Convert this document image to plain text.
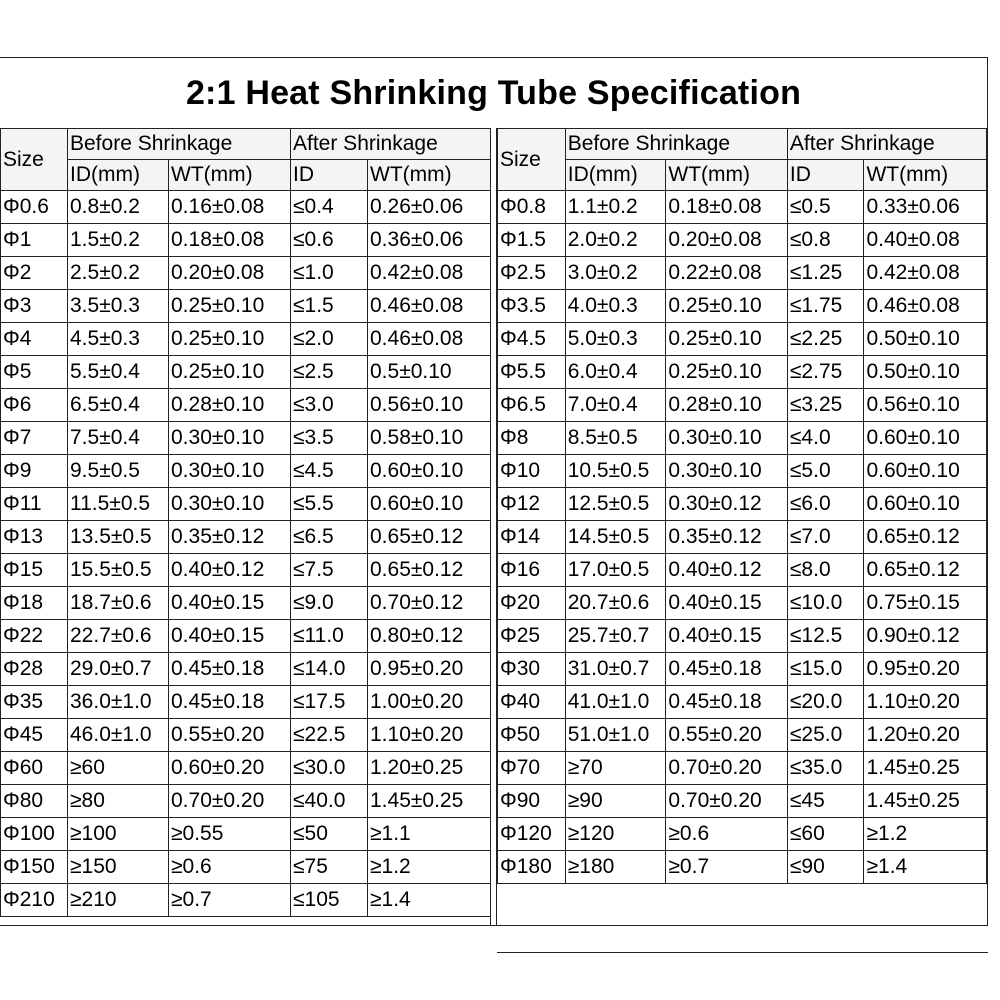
2:1 Heat Shrinking Tube Specification
Size	Before Shrinkage		After Shrinkage	
	ID(mm)	WT(mm)	ID	WT(mm)
Φ0.6	0.8±0.2	0.16±0.08	≤0.4	0.26±0.06
Φ1	1.5±0.2	0.18±0.08	≤0.6	0.36±0.06
Φ2	2.5±0.2	0.20±0.08	≤1.0	0.42±0.08
Φ3	3.5±0.3	0.25±0.10	≤1.5	0.46±0.08
Φ4	4.5±0.3	0.25±0.10	≤2.0	0.46±0.08
Φ5	5.5±0.4	0.25±0.10	≤2.5	0.5±0.10
Φ6	6.5±0.4	0.28±0.10	≤3.0	0.56±0.10
Φ7	7.5±0.4	0.30±0.10	≤3.5	0.58±0.10
Φ9	9.5±0.5	0.30±0.10	≤4.5	0.60±0.10
Φ11	11.5±0.5	0.30±0.10	≤5.5	0.60±0.10
Φ13	13.5±0.5	0.35±0.12	≤6.5	0.65±0.12
Φ15	15.5±0.5	0.40±0.12	≤7.5	0.65±0.12
Φ18	18.7±0.6	0.40±0.15	≤9.0	0.70±0.12
Φ22	22.7±0.6	0.40±0.15	≤11.0	0.80±0.12
Φ28	29.0±0.7	0.45±0.18	≤14.0	0.95±0.20
Φ35	36.0±1.0	0.45±0.18	≤17.5	1.00±0.20
Φ45	46.0±1.0	0.55±0.20	≤22.5	1.10±0.20
Φ60	≥60	0.60±0.20	≤30.0	1.20±0.25
Φ80	≥80	0.70±0.20	≤40.0	1.45±0.25
Φ100	≥100	≥0.55	≤50	≥1.1
Φ150	≥150	≥0.6	≤75	≥1.2
Φ210	≥210	≥0.7	≤105	≥1.4
Size	Before Shrinkage		After Shrinkage	
	ID(mm)	WT(mm)	ID	WT(mm)
Φ0.8	1.1±0.2	0.18±0.08	≤0.5	0.33±0.06
Φ1.5	2.0±0.2	0.20±0.08	≤0.8	0.40±0.08
Φ2.5	3.0±0.2	0.22±0.08	≤1.25	0.42±0.08
Φ3.5	4.0±0.3	0.25±0.10	≤1.75	0.46±0.08
Φ4.5	5.0±0.3	0.25±0.10	≤2.25	0.50±0.10
Φ5.5	6.0±0.4	0.25±0.10	≤2.75	0.50±0.10
Φ6.5	7.0±0.4	0.28±0.10	≤3.25	0.56±0.10
Φ8	8.5±0.5	0.30±0.10	≤4.0	0.60±0.10
Φ10	10.5±0.5	0.30±0.10	≤5.0	0.60±0.10
Φ12	12.5±0.5	0.30±0.12	≤6.0	0.60±0.10
Φ14	14.5±0.5	0.35±0.12	≤7.0	0.65±0.12
Φ16	17.0±0.5	0.40±0.12	≤8.0	0.65±0.12
Φ20	20.7±0.6	0.40±0.15	≤10.0	0.75±0.15
Φ25	25.7±0.7	0.40±0.15	≤12.5	0.90±0.12
Φ30	31.0±0.7	0.45±0.18	≤15.0	0.95±0.20
Φ40	41.0±1.0	0.45±0.18	≤20.0	1.10±0.20
Φ50	51.0±1.0	0.55±0.20	≤25.0	1.20±0.20
Φ70	≥70	0.70±0.20	≤35.0	1.45±0.25
Φ90	≥90	0.70±0.20	≤45	1.45±0.25
Φ120	≥120	≥0.6	≤60	≥1.2
Φ180	≥180	≥0.7	≤90	≥1.4
